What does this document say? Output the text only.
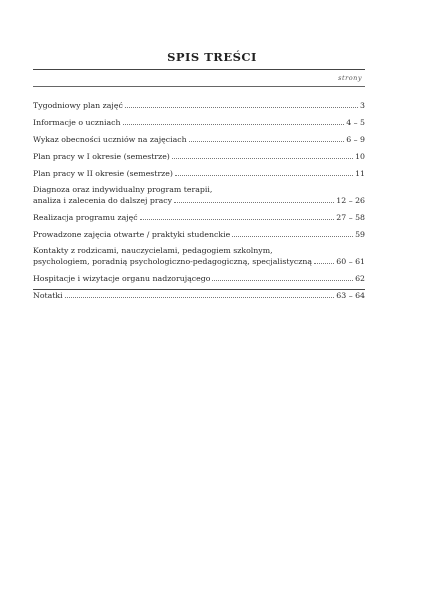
SPIS TREŚCI
strony
Tygodniowy plan zajęć	3
Informacje o uczniach	4 – 5
Wykaz obecności uczniów na zajęciach	6 – 9
Plan pracy w I okresie (semestrze)	10
Plan pracy w II okresie (semestrze)	11
Diagnoza oraz indywidualny program terapii,
analiza i zalecenia do dalszej pracy	12 – 26
Realizacja programu zajęć	27 – 58
Prowadzone zajęcia otwarte / praktyki studenckie	59
Kontakty z rodzicami, nauczycielami, pedagogiem szkolnym,
psychologiem, poradnią psychologiczno-pedagogiczną, specjalistyczną	60 – 61
Hospitacje i wizytacje organu nadzorującego	62
Notatki	63 – 64
